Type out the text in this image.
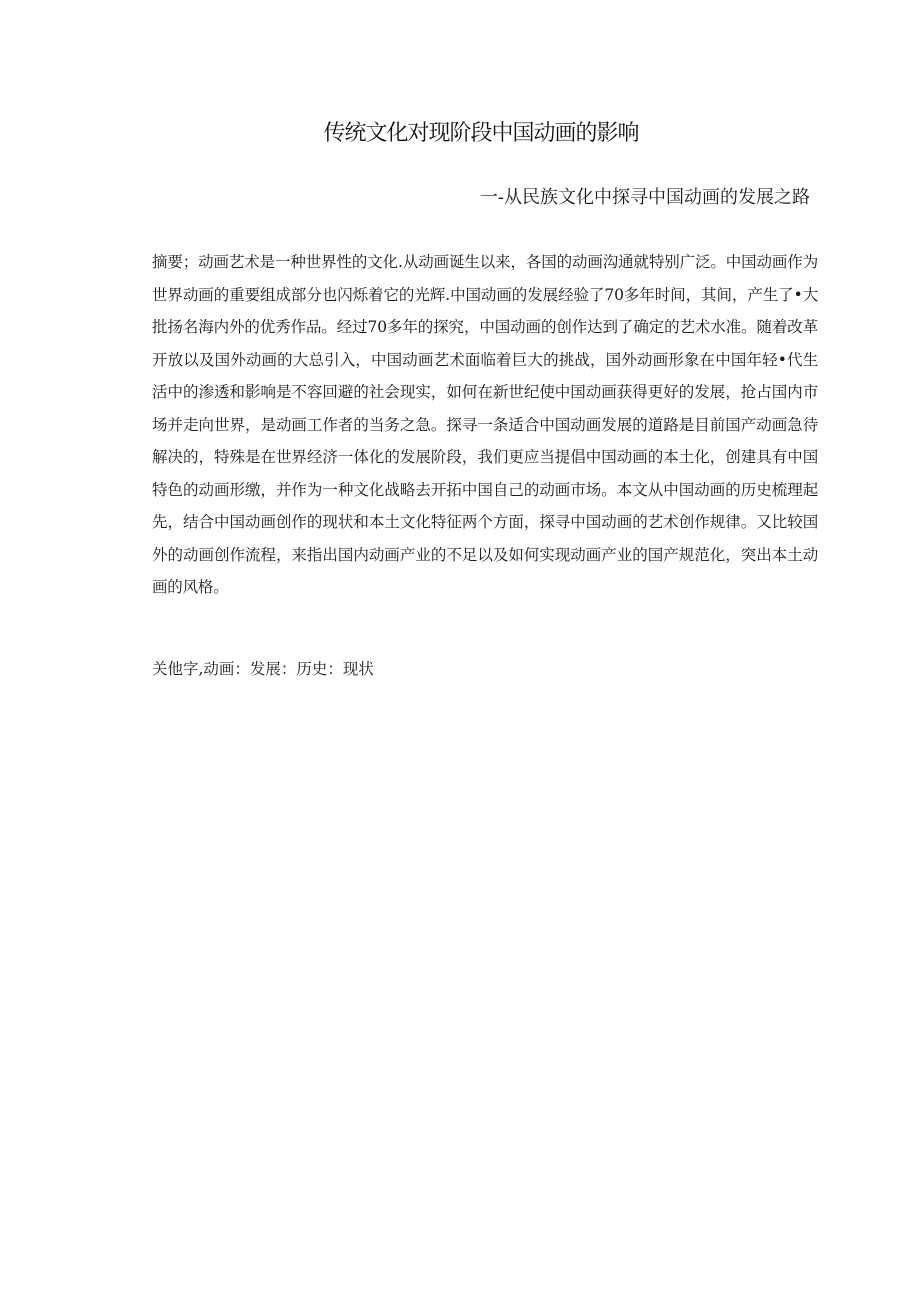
传统文化对现阶段中国动画的影响
一-从民族文化中探寻中国动画的发展之路

摘要；动画艺术是一种世界性的文化.从动画诞生以来，各国的动画沟通就特别广泛。中国动画作为世界动画的重要组成部分也闪烁着它的光辉.中国动画的发展经验了70多年时间，其间，产生了•大批扬名海内外的优秀作品。经过70多年的探究，中国动画的创作达到了确定的艺术水准。随着改革开放以及国外动画的大总引入，中国动画艺术面临着巨大的挑战，国外动画形象在中国年轻•代生活中的渗透和影响是不容回避的社会现实，如何在新世纪使中国动画获得更好的发展，抢占国内市场并走向世界，是动画工作者的当务之急。探寻一条适合中国动画发展的道路是目前国产动画急待解决的，特殊是在世界经济一体化的发展阶段，我们更应当提倡中国动画的本土化，创建具有中国特色的动画形缴，并作为一种文化战略去开拓中国自己的动画市场。本文从中国动画的历史梳理起先，结合中国动画创作的现状和本土文化特征两个方面，探寻中国动画的艺术创作规律。又比较国外的动画创作流程，来指出国内动画产业的不足以及如何实现动画产业的国产规范化，突出本土动画的风格。

关他字,动画：发展：历史：现状
